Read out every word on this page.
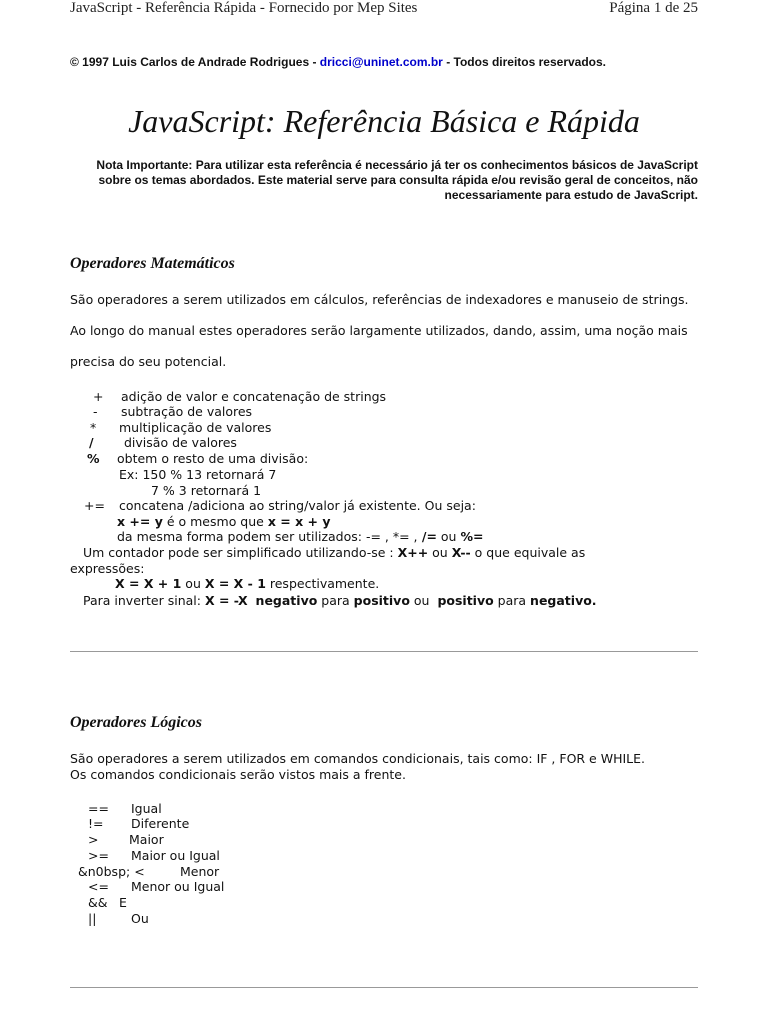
JavaScript - Referência Rápida - Fornecido por Mep Sites	Página 1 de 25
© 1997 Luis Carlos de Andrade Rodrigues - dricci@uninet.com.br - Todos direitos reservados.
JavaScript: Referência Básica e Rápida
Nota Importante: Para utilizar esta referência é necessário já ter os conhecimentos básicos de JavaScript sobre os temas abordados. Este material serve para consulta rápida e/ou revisão geral de conceitos, não necessariamente para estudo de JavaScript.
Operadores Matemáticos
São operadores a serem utilizados em cálculos, referências de indexadores e manuseio de strings.
Ao longo do manual estes operadores serão largamente utilizados, dando, assim, uma noção mais
precisa do seu potencial.
+ adição de valor e concatenação de strings
- subtração de valores
* multiplicação de valores
/ divisão de valores
% obtem o resto de uma divisão:
Ex: 150 % 13 retornará 7
7 % 3 retornará 1
+= concatena /adiciona ao string/valor já existente. Ou seja:
x += y é o mesmo que x = x + y
da mesma forma podem ser utilizados: -= , *= , /= ou %=
Um contador pode ser simplificado utilizando-se : X++ ou X-- o que equivale as
expressões:
X = X + 1 ou X = X - 1 respectivamente.
Para inverter sinal: X = -X negativo para positivo ou  positivo para negativo.
Operadores Lógicos
São operadores a serem utilizados em comandos condicionais, tais como: IF , FOR e WHILE.
Os comandos condicionais serão vistos mais a frente.
== Igual
!= Diferente
> Maior
>= Maior ou Igual
&n0bsp; <	Menor
<= Menor ou Igual
&& E
||	Ou
